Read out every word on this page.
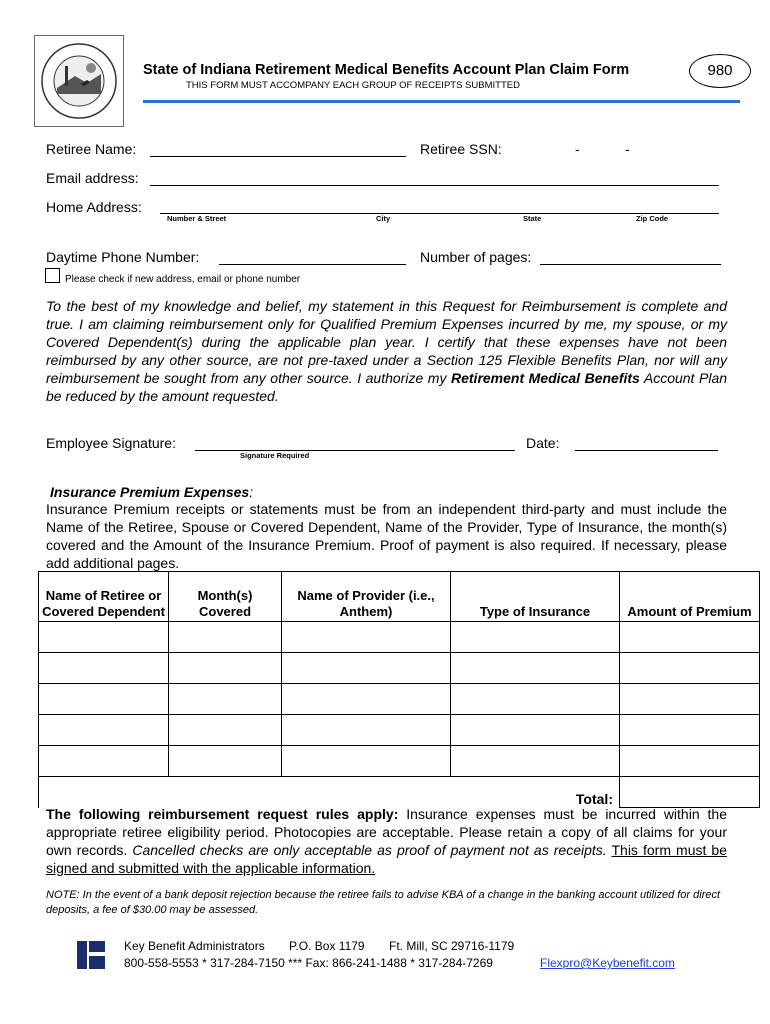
State of Indiana Retirement Medical Benefits Account Plan Claim Form
THIS FORM MUST ACCOMPANY EACH GROUP OF RECEIPTS SUBMITTED
980
Retiree Name:	Retiree SSN:	-	-
Email address:
Home Address:
Number & Street	City	State	Zip Code
Daytime Phone Number:	Number of pages:
Please check if new address, email or phone number
To the best of my knowledge and belief, my statement in this Request for Reimbursement is complete and true. I am claiming reimbursement only for Qualified Premium Expenses incurred by me, my spouse, or my Covered Dependent(s) during the applicable plan year. I certify that these expenses have not been reimbursed by any other source, are not pre-taxed under a Section 125 Flexible Benefits Plan, nor will any reimbursement be sought from any other source. I authorize my Retirement Medical Benefits Account Plan be reduced by the amount requested.
Employee Signature:
Signature Required
Date:
Insurance Premium Expenses:
Insurance Premium receipts or statements must be from an independent third-party and must include the Name of the Retiree, Spouse or Covered Dependent, Name of the Provider, Type of Insurance, the month(s) covered and the Amount of the Insurance Premium. Proof of payment is also required. If necessary, please add additional pages.
Name of Retiree or Covered Dependent	Month(s) Covered	Name of Provider (i.e., Anthem)	Type of Insurance	Amount of Premium

Total:				
The following reimbursement request rules apply: Insurance expenses must be incurred within the appropriate retiree eligibility period. Photocopies are acceptable. Please retain a copy of all claims for your own records. Cancelled checks are only acceptable as proof of payment not as receipts. This form must be signed and submitted with the applicable information.
NOTE: In the event of a bank deposit rejection because the retiree fails to advise KBA of a change in the banking account utilized for direct deposits, a fee of $30.00 may be assessed.
Key Benefit Administrators P.O. Box 1179 Ft. Mill, SC 29716-1179
800-558-5553 * 317-284-7150 *** Fax: 866-241-1488 * 317-284-7269	Flexpro@Keybenefit.com
